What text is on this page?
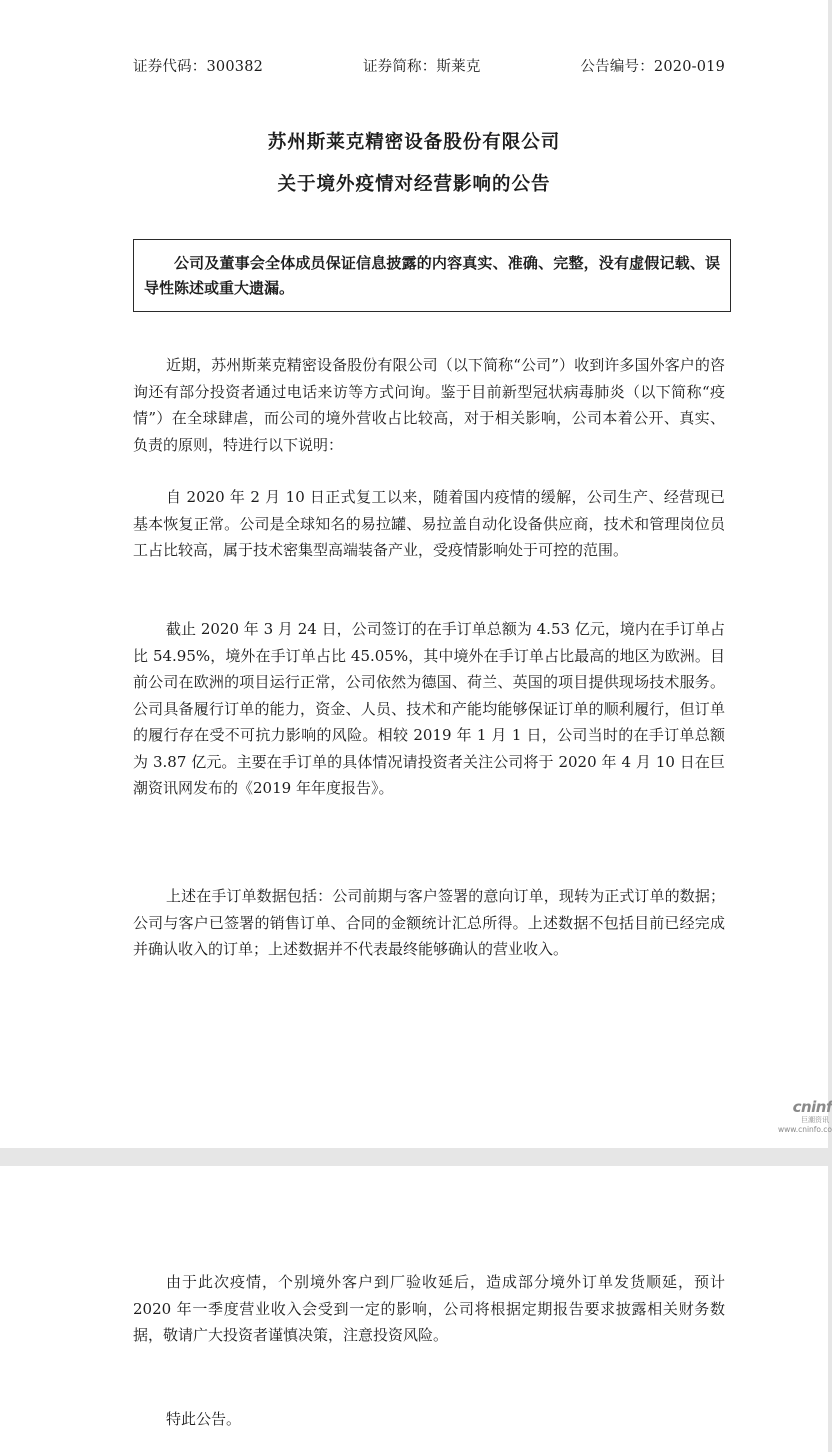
证券代码：300382	证券简称：斯莱克	公告编号：2020-019
苏州斯莱克精密设备股份有限公司
关于境外疫情对经营影响的公告
公司及董事会全体成员保证信息披露的内容真实、准确、完整，没有虚假记载、误导性陈述或重大遗漏。

近期，苏州斯莱克精密设备股份有限公司（以下简称“公司”）收到许多国外客户的咨询还有部分投资者通过电话来访等方式问询。鉴于目前新型冠状病毒肺炎（以下简称“疫情”）在全球肆虐，而公司的境外营收占比较高，对于相关影响，公司本着公开、真实、负责的原则，特进行以下说明：

自 2020 年 2 月 10 日正式复工以来，随着国内疫情的缓解，公司生产、经营现已基本恢复正常。公司是全球知名的易拉罐、易拉盖自动化设备供应商，技术和管理岗位员工占比较高，属于技术密集型高端装备产业，受疫情影响处于可控的范围。

截止 2020 年 3 月 24 日，公司签订的在手订单总额为 4.53 亿元，境内在手订单占比 54.95%，境外在手订单占比 45.05%，其中境外在手订单占比最高的地区为欧洲。目前公司在欧洲的项目运行正常，公司依然为德国、荷兰、英国的项目提供现场技术服务。公司具备履行订单的能力，资金、人员、技术和产能均能够保证订单的顺利履行，但订单的履行存在受不可抗力影响的风险。相较 2019 年 1 月 1 日，公司当时的在手订单总额为 3.87 亿元。主要在手订单的具体情况请投资者关注公司将于 2020 年 4 月 10 日在巨潮资讯网发布的《2019 年年度报告》。

上述在手订单数据包括：公司前期与客户签署的意向订单，现转为正式订单的数据；公司与客户已签署的销售订单、合同的金额统计汇总所得。上述数据不包括目前已经完成并确认收入的订单；上述数据并不代表最终能够确认的营业收入。

cninf
巨潮资讯
www.cninfo.co

由于此次疫情，个别境外客户到厂验收延后，造成部分境外订单发货顺延，预计 2020 年一季度营业收入会受到一定的影响，公司将根据定期报告要求披露相关财务数据，敬请广大投资者谨慎决策，注意投资风险。

特此公告。
